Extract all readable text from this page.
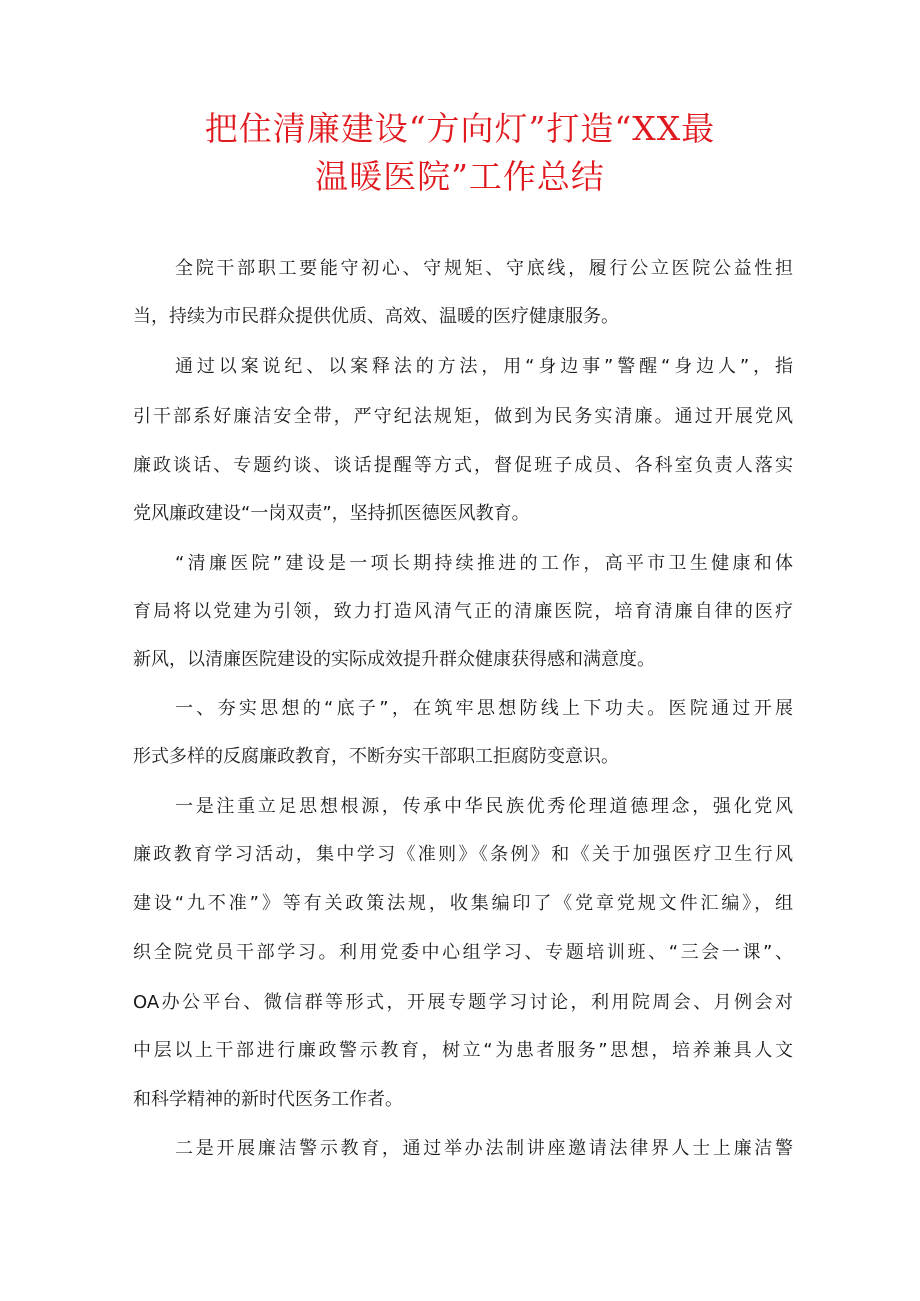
把住清廉建设“方向灯”打造“XX最
温暖医院”工作总结
全院干部职工要能守初心、守规矩、守底线，履行公立医院公益性担
当，持续为市民群众提供优质、高效、温暖的医疗健康服务。
通过以案说纪、以案释法的方法，用“身边事”警醒“身边人”，指
引干部系好廉洁安全带，严守纪法规矩，做到为民务实清廉。通过开展党风
廉政谈话、专题约谈、谈话提醒等方式，督促班子成员、各科室负责人落实
党风廉政建设“一岗双责”，坚持抓医德医风教育。
“清廉医院”建设是一项长期持续推进的工作，高平市卫生健康和体
育局将以党建为引领，致力打造风清气正的清廉医院，培育清廉自律的医疗
新风，以清廉医院建设的实际成效提升群众健康获得感和满意度。
一、夯实思想的“底子”，在筑牢思想防线上下功夫。医院通过开展
形式多样的反腐廉政教育，不断夯实干部职工拒腐防变意识。
一是注重立足思想根源，传承中华民族优秀伦理道德理念，强化党风
廉政教育学习活动，集中学习《准则》《条例》和《关于加强医疗卫生行风
建设“九不准”》等有关政策法规，收集编印了《党章党规文件汇编》，组
织全院党员干部学习。利用党委中心组学习、专题培训班、“三会一课”、
OA办公平台、微信群等形式，开展专题学习讨论，利用院周会、月例会对
中层以上干部进行廉政警示教育，树立“为患者服务”思想，培养兼具人文
和科学精神的新时代医务工作者。
二是开展廉洁警示教育，通过举办法制讲座邀请法律界人士上廉洁警
